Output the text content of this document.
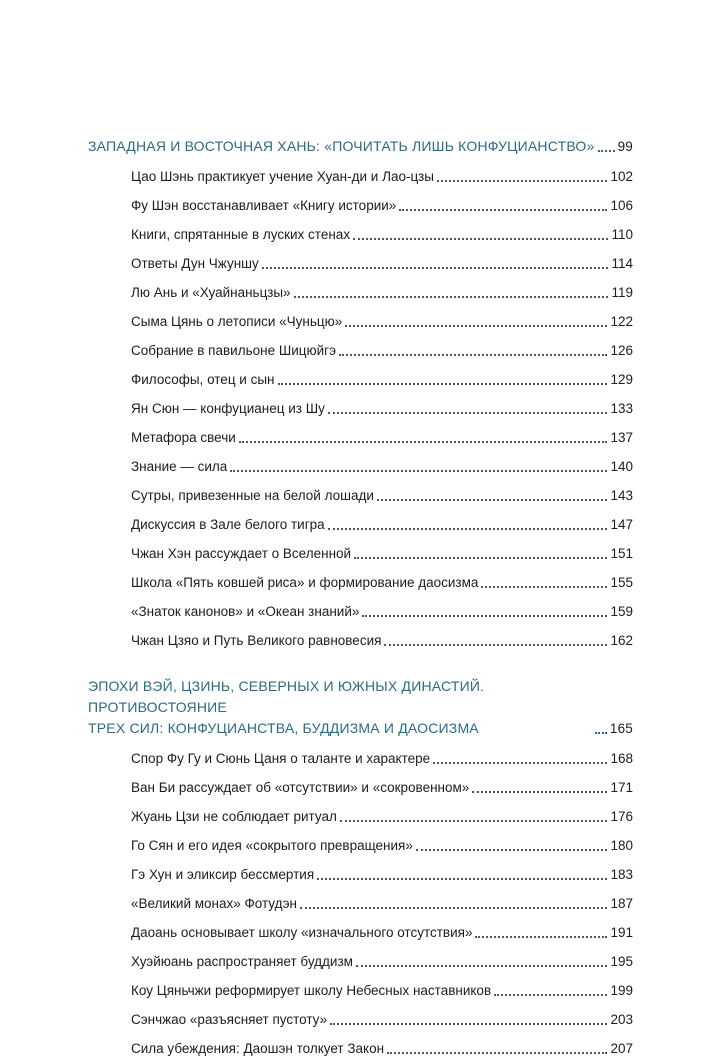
ЗАПАДНАЯ И ВОСТОЧНАЯ ХАНЬ: «ПОЧИТАТЬ ЛИШЬ КОНФУЦИАНСТВО» 99
Цао Шэнь практикует учение Хуан-ди и Лао-цзы	102
Фу Шэн восстанавливает «Книгу истории»	106
Книги, спрятанные в луских стенах	110
Ответы Дун Чжуншу	114
Лю Ань и «Хуайнаньцзы»	119
Сыма Цянь о летописи «Чуньцю»	122
Собрание в павильоне Шицюйгэ	126
Философы, отец и сын	129
Ян Сюн — конфуцианец из Шу	133
Метафора свечи	137
Знание — сила	140
Сутры, привезенные на белой лошади	143
Дискуссия в Зале белого тигра	147
Чжан Хэн рассуждает о Вселенной	151
Школа «Пять ковшей риса» и формирование даосизма	155
«Знаток канонов» и «Океан знаний»	159
Чжан Цзяо и Путь Великого равновесия	162
ЭПОХИ ВЭЙ, ЦЗИНЬ, СЕВЕРНЫХ И ЮЖНЫХ ДИНАСТИЙ. ПРОТИВОСТОЯНИЕ
ТРЕХ СИЛ: КОНФУЦИАНСТВА, БУДДИЗМА И ДАОСИЗМА	165
Спор Фу Гу и Сюнь Цаня о таланте и характере	168
Ван Би рассуждает об «отсутствии» и «сокровенном»	171
Жуань Цзи не соблюдает ритуал	176
Го Сян и его идея «сокрытого превращения»	180
Гэ Хун и эликсир бессмертия	183
«Великий монах» Фотудэн	187
Даоань основывает школу «изначального отсутствия»	191
Хуэйюань распространяет буддизм	195
Коу Цяньчжи реформирует школу Небесных наставников	199
Сэнчжао «разъясняет пустоту»	203
Сила убеждения: Даошэн толкует Закон	207
